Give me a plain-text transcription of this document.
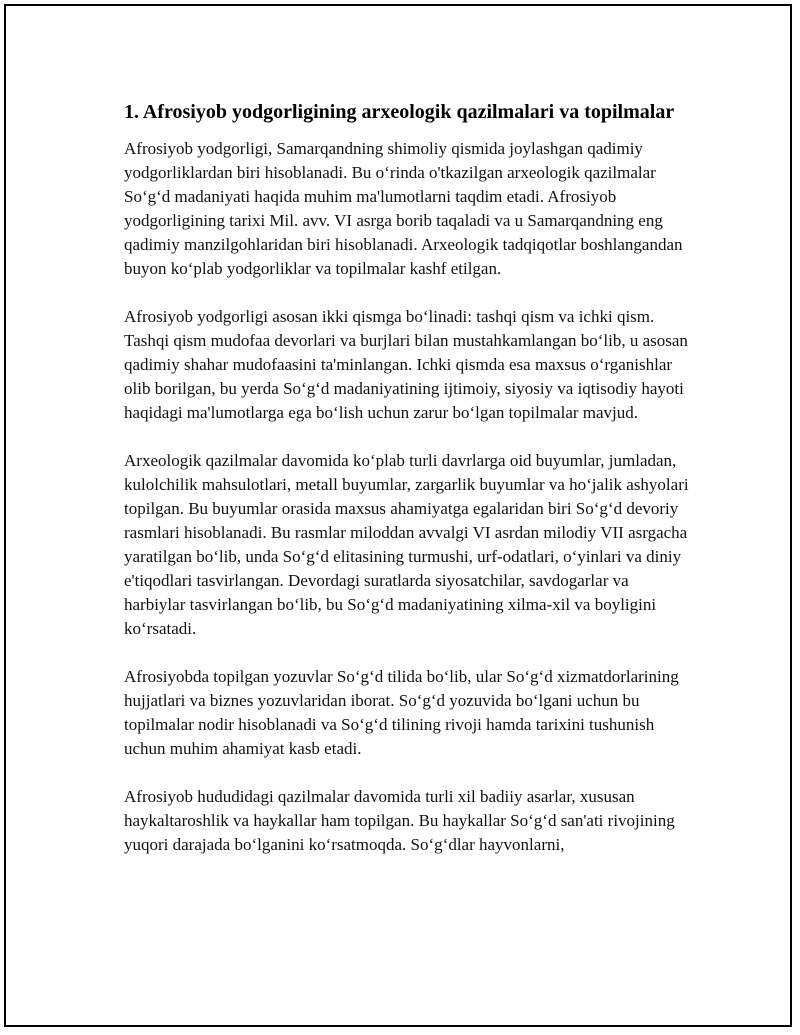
1. Afrosiyob yodgorligining arxeologik qazilmalari va topilmalar

Afrosiyob yodgorligi, Samarqandning shimoliy qismida joylashgan qadimiy yodgorliklardan biri hisoblanadi. Bu o‘rinda o'tkazilgan arxeologik qazilmalar So‘g‘d madaniyati haqida muhim ma'lumotlarni taqdim etadi. Afrosiyob yodgorligining tarixi Mil. avv. VI asrga borib taqaladi va u Samarqandning eng qadimiy manzilgohlaridan biri hisoblanadi. Arxeologik tadqiqotlar boshlangandan buyon ko‘plab yodgorliklar va topilmalar kashf etilgan.

Afrosiyob yodgorligi asosan ikki qismga bo‘linadi: tashqi qism va ichki qism. Tashqi qism mudofaa devorlari va burjlari bilan mustahkamlangan bo‘lib, u asosan qadimiy shahar mudofaasini ta'minlangan. Ichki qismda esa maxsus o‘rganishlar olib borilgan, bu yerda So‘g‘d madaniyatining ijtimoiy, siyosiy va iqtisodiy hayoti haqidagi ma'lumotlarga ega bo‘lish uchun zarur bo‘lgan topilmalar mavjud.

Arxeologik qazilmalar davomida ko‘plab turli davrlarga oid buyumlar, jumladan, kulolchilik mahsulotlari, metall buyumlar, zargarlik buyumlar va ho‘jalik ashyolari topilgan. Bu buyumlar orasida maxsus ahamiyatga egalaridan biri So‘g‘d devoriy rasmlari hisoblanadi. Bu rasmlar miloddan avvalgi VI asrdan milodiy VII asrgacha yaratilgan bo‘lib, unda So‘g‘d elitasining turmushi, urf-odatlari, o‘yinlari va diniy e'tiqodlari tasvirlangan. Devordagi suratlarda siyosatchilar, savdogarlar va harbiylar tasvirlangan bo‘lib, bu So‘g‘d madaniyatining xilma-xil va boyligini ko‘rsatadi.

Afrosiyobda topilgan yozuvlar So‘g‘d tilida bo‘lib, ular So‘g‘d xizmatdorlarining hujjatlari va biznes yozuvlaridan iborat. So‘g‘d yozuvida bo‘lgani uchun bu topilmalar nodir hisoblanadi va So‘g‘d tilining rivoji hamda tarixini tushunish uchun muhim ahamiyat kasb etadi.

Afrosiyob hududidagi qazilmalar davomida turli xil badiiy asarlar, xususan haykaltaroshlik va haykallar ham topilgan. Bu haykallar So‘g‘d san'ati rivojining yuqori darajada bo‘lganini ko‘rsatmoqda. So‘g‘dlar hayvonlarni,
